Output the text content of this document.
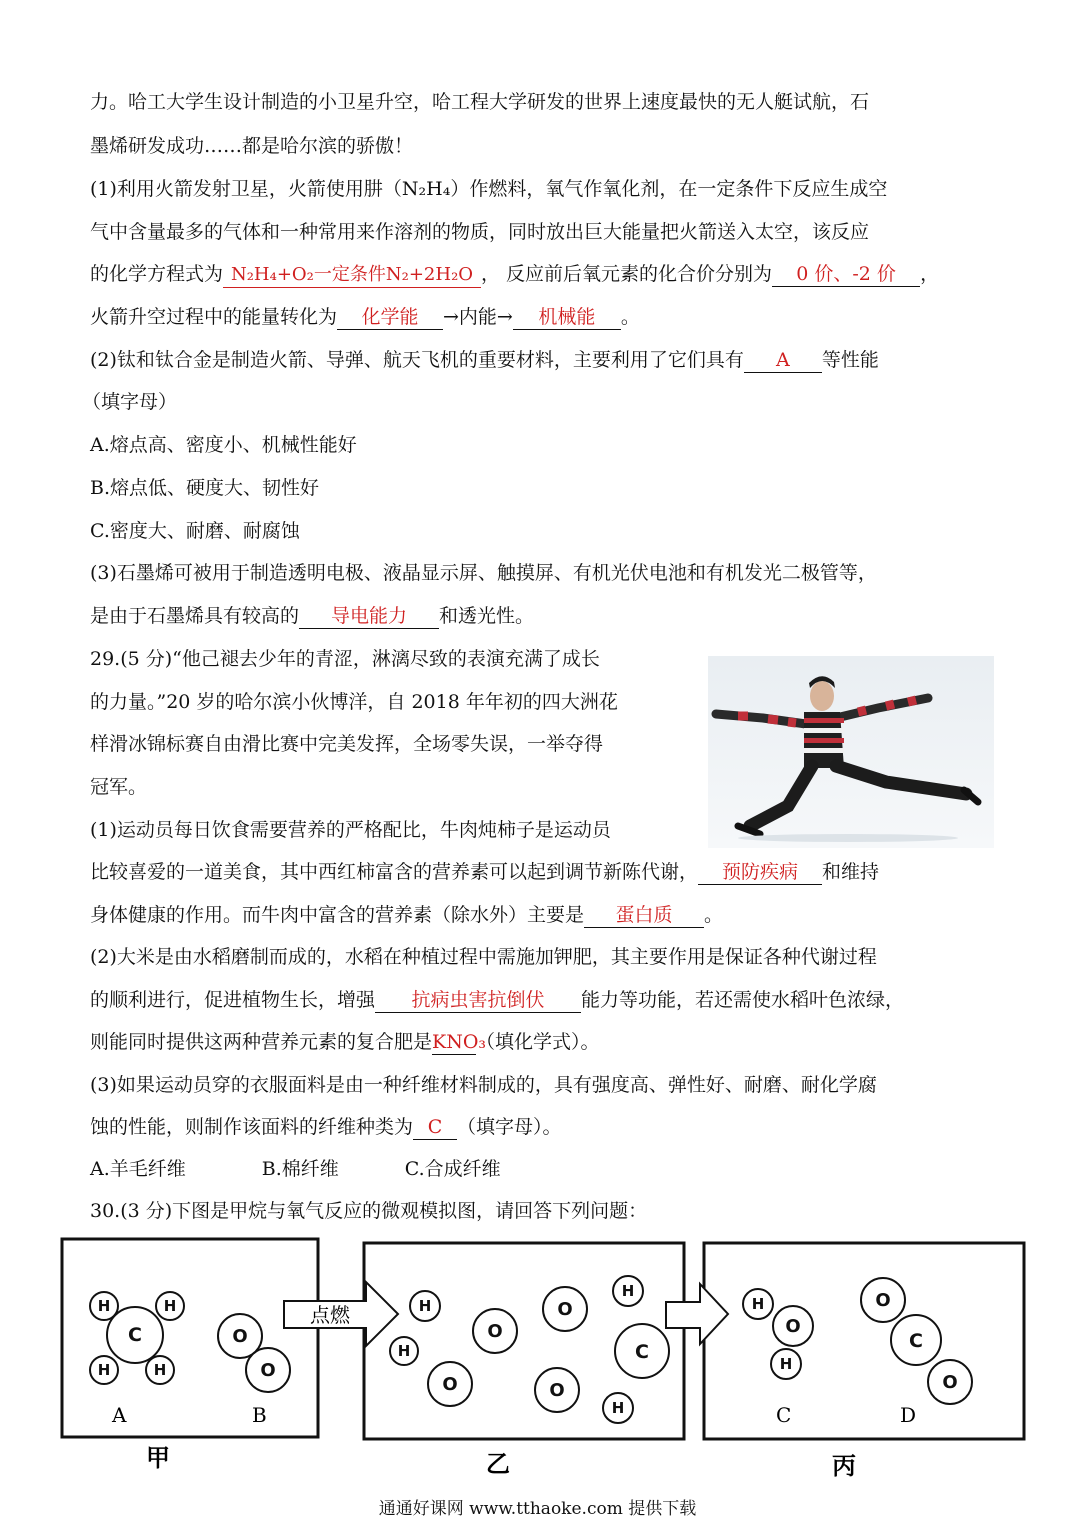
力。哈工大学生设计制造的小卫星升空，哈工程大学研发的世界上速度最快的无人艇试航，石
墨烯研发成功……都是哈尔滨的骄傲！
(1)利用火箭发射卫星，火箭使用肼（N₂H₄）作燃料，氧气作氧化剂，在一定条件下反应生成空
气中含量最多的气体和一种常用来作溶剂的物质，同时放出巨大能量把火箭送入太空，该反应
的化学方程式为 N₂H₄+O₂一定条件N₂+2H₂O ， 反应前后氧元素的化合价分别为 0 价、-2 价 ，
火箭升空过程中的能量转化为 化学能 →内能→ 机械能 。
(2)钛和钛合金是制造火箭、导弹、航天飞机的重要材料，主要利用了它们具有 A 等性能
（填字母）
A.熔点高、密度小、机械性能好
B.熔点低、硬度大、韧性好
C.密度大、耐磨、耐腐蚀
(3)石墨烯可被用于制造透明电极、液晶显示屏、触摸屏、有机光伏电池和有机发光二极管等，
是由于石墨烯具有较高的 导电能力 和透光性。
29.(5 分)“他己褪去少年的青涩，淋漓尽致的表演充满了成长
的力量。”20 岁的哈尔滨小伙博洋，自 2018 年年初的四大洲花
样滑冰锦标赛自由滑比赛中完美发挥，全场零失误，一举夺得
冠军。
(1)运动员每日饮食需要营养的严格配比，牛肉炖柿子是运动员
比较喜爱的一道美食，其中西红柿富含的营养素可以起到调节新陈代谢， 预防疾病 和维持
身体健康的作用。而牛肉中富含的营养素（除水外）主要是 蛋白质 。
(2)大米是由水稻磨制而成的，水稻在种植过程中需施加钾肥，其主要作用是保证各种代谢过程
的顺利进行，促进植物生长，增强 抗病虫害抗倒伏 能力等功能，若还需使水稻叶色浓绿，
则能同时提供这两种营养元素的复合肥是KNO₃（填化学式）。
(3)如果运动员穿的衣服面料是由一种纤维材料制成的，具有强度高、弹性好、耐磨、耐化学腐
蚀的性能，则制作该面料的纤维种类为 C （填字母）。
A.羊毛纤维	B.棉纤维	C.合成纤维
30.(3 分)下图是甲烷与氧气反应的微观模拟图，请回答下列问题：
点燃
H	H
H	H
C	O
O
A	B
H
H
O
O
H
C
O	O
H
H
O
H
O
C
O
C	D
甲	乙	丙
通通好课网 www.tthaoke.com 提供下载
